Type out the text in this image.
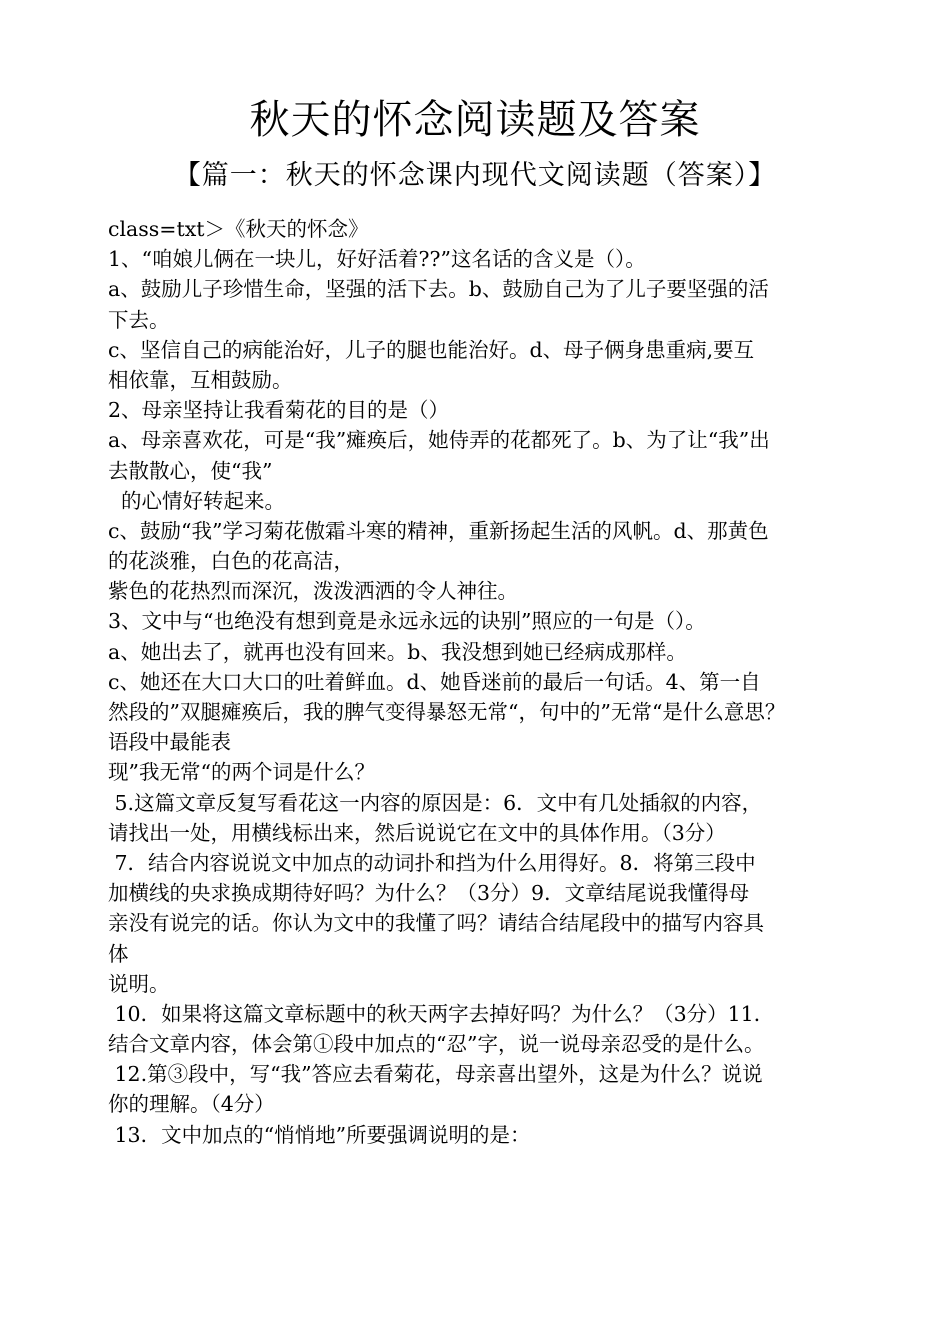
秋天的怀念阅读题及答案
【篇一：秋天的怀念课内现代文阅读题（答案）】
class=txt＞《秋天的怀念》
1、“咱娘儿俩在一块儿，好好活着??”这名话的含义是（）。
a、鼓励儿子珍惜生命，坚强的活下去。b、鼓励自己为了儿子要坚强的活
下去。
c、坚信自己的病能治好，儿子的腿也能治好。d、母子俩身患重病,要互
相依靠，互相鼓励。
2、母亲坚持让我看菊花的目的是（）
a、母亲喜欢花，可是“我”瘫痪后，她侍弄的花都死了。b、为了让“我”出
去散散心，使“我”
的心情好转起来。
c、鼓励“我”学习菊花傲霜斗寒的精神，重新扬起生活的风帆。d、那黄色
的花淡雅，白色的花高洁，
紫色的花热烈而深沉，泼泼洒洒的令人神往。
3、文中与“也绝没有想到竟是永远永远的诀别”照应的一句是（）。
a、她出去了，就再也没有回来。b、我没想到她已经病成那样。
c、她还在大口大口的吐着鲜血。d、她昏迷前的最后一句话。4、第一自
然段的”双腿瘫痪后，我的脾气变得暴怒无常“，句中的”无常“是什么意思？
语段中最能表
现”我无常“的两个词是什么？
5.这篇文章反复写看花这一内容的原因是：6．文中有几处插叙的内容，
请找出一处，用横线标出来，然后说说它在文中的具体作用。（3分）
7．结合内容说说文中加点的动词扑和挡为什么用得好。8．将第三段中
加横线的央求换成期待好吗？为什么？（3分）9．文章结尾说我懂得母
亲没有说完的话。你认为文中的我懂了吗？请结合结尾段中的描写内容具
体
说明。
10．如果将这篇文章标题中的秋天两字去掉好吗？为什么？（3分）11．
结合文章内容，体会第①段中加点的“忍”字，说一说母亲忍受的是什么。
12.第③段中，写“我”答应去看菊花，母亲喜出望外，这是为什么？说说
你的理解。（4分）
13．文中加点的“悄悄地”所要强调说明的是：
